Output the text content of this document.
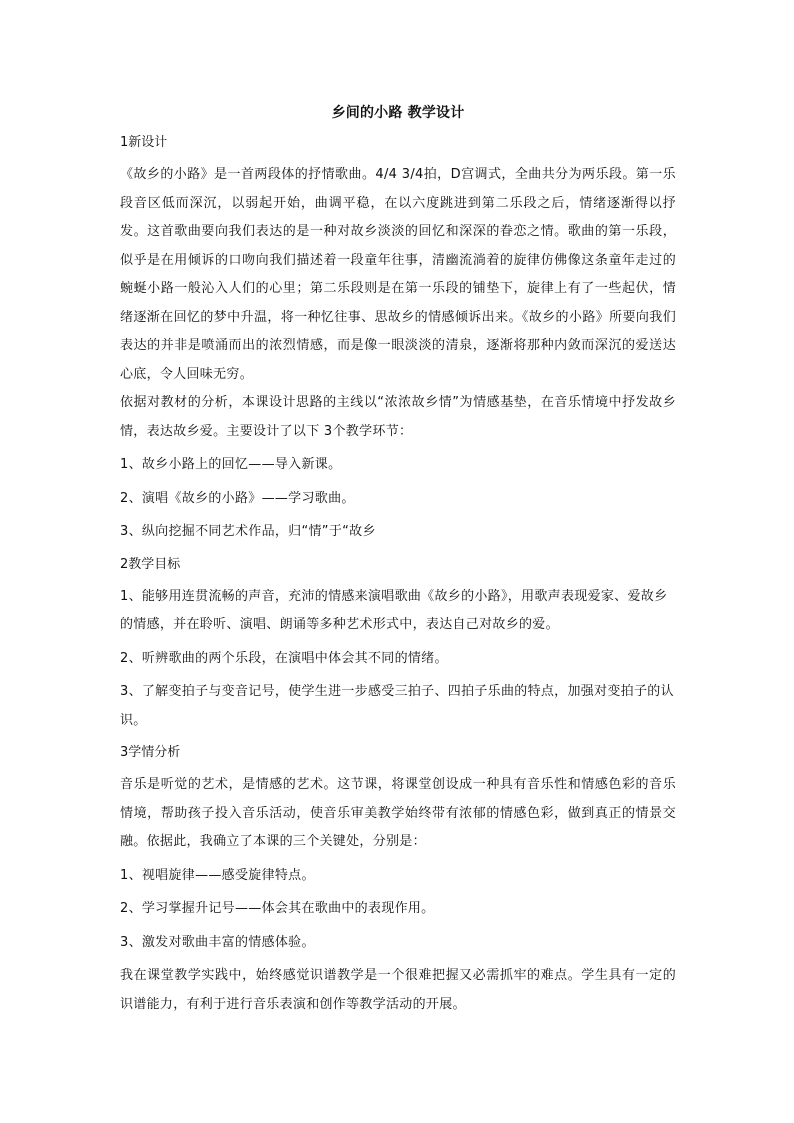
乡间的小路 教学设计
1新设计

《故乡的小路》是一首两段体的抒情歌曲。4/4 3/4拍，D宫调式，全曲共分为两乐段。第一乐段音区低而深沉，以弱起开始，曲调平稳，在以六度跳进到第二乐段之后，情绪逐渐得以抒发。这首歌曲要向我们表达的是一种对故乡淡淡的回忆和深深的眷恋之情。歌曲的第一乐段，似乎是在用倾诉的口吻向我们描述着一段童年往事，清幽流淌着的旋律仿佛像这条童年走过的蜿蜒小路一般沁入人们的心里；第二乐段则是在第一乐段的铺垫下，旋律上有了一些起伏，情绪逐渐在回忆的梦中升温，将一种忆往事、思故乡的情感倾诉出来。《故乡的小路》所要向我们表达的并非是喷涌而出的浓烈情感，而是像一眼淡淡的清泉，逐渐将那种内敛而深沉的爱送达心底，令人回味无穷。

依据对教材的分析，本课设计思路的主线以“浓浓故乡情”为情感基垫，在音乐情境中抒发故乡情，表达故乡爱。主要设计了以下 3个教学环节：

1、故乡小路上的回忆——导入新课。

2、演唱《故乡的小路》——学习歌曲。

3、纵向挖掘不同艺术作品，归“情”于“故乡

2教学目标

1、能够用连贯流畅的声音，充沛的情感来演唱歌曲《故乡的小路》，用歌声表现爱家、爱故乡的情感，并在聆听、演唱、朗诵等多种艺术形式中，表达自己对故乡的爱。

2、听辨歌曲的两个乐段，在演唱中体会其不同的情绪。

3、了解变拍子与变音记号，使学生进一步感受三拍子、四拍子乐曲的特点，加强对变拍子的认识。

3学情分析

音乐是听觉的艺术，是情感的艺术。这节课，将课堂创设成一种具有音乐性和情感色彩的音乐情境，帮助孩子投入音乐活动，使音乐审美教学始终带有浓郁的情感色彩，做到真正的情景交融。依据此，我确立了本课的三个关键处，分别是：

1、视唱旋律——感受旋律特点。

2、学习掌握升记号——体会其在歌曲中的表现作用。

3、激发对歌曲丰富的情感体验。

我在课堂教学实践中，始终感觉识谱教学是一个很难把握又必需抓牢的难点。学生具有一定的识谱能力，有利于进行音乐表演和创作等教学活动的开展。
